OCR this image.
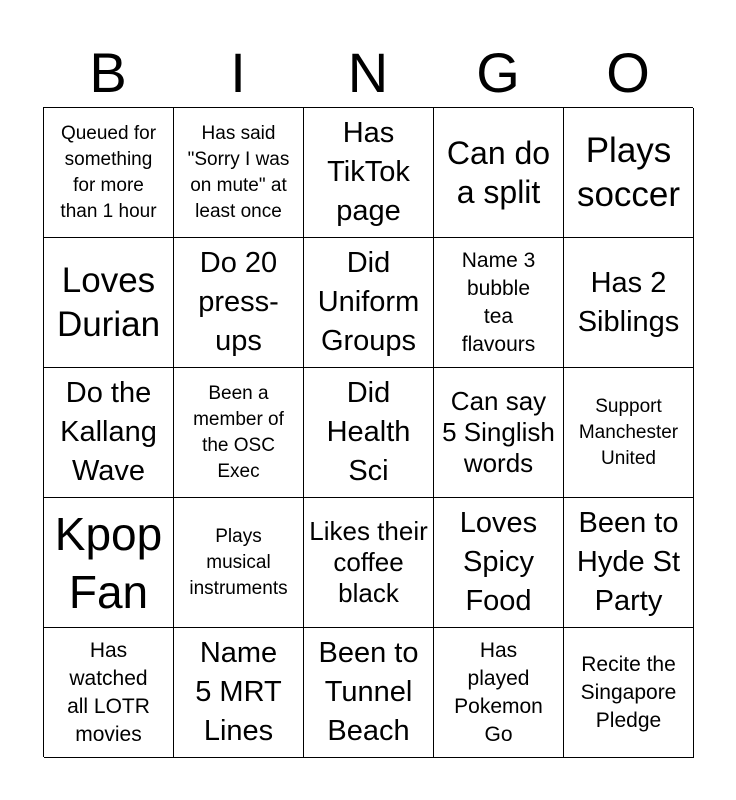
B	I	N	G	O
Queued for
something
for more
than 1 hour
Has said
"Sorry I was
on mute" at
least once
Has
TikTok
page
Can do
a split
Plays
soccer
Loves
Durian
Do 20
press-
ups
Did
Uniform
Groups
Name 3
bubble
tea
flavours
Has 2
Siblings
Do the
Kallang
Wave
Been a
member of
the OSC
Exec
Did
Health
Sci
Can say
5 Singlish
words
Support
Manchester
United
Kpop
Fan
Plays
musical
instruments
Likes their
coffee
black
Loves
Spicy
Food
Been to
Hyde St
Party
Has
watched
all LOTR
movies
Name
5 MRT
Lines
Been to
Tunnel
Beach
Has
played
Pokemon
Go
Recite the
Singapore
Pledge
